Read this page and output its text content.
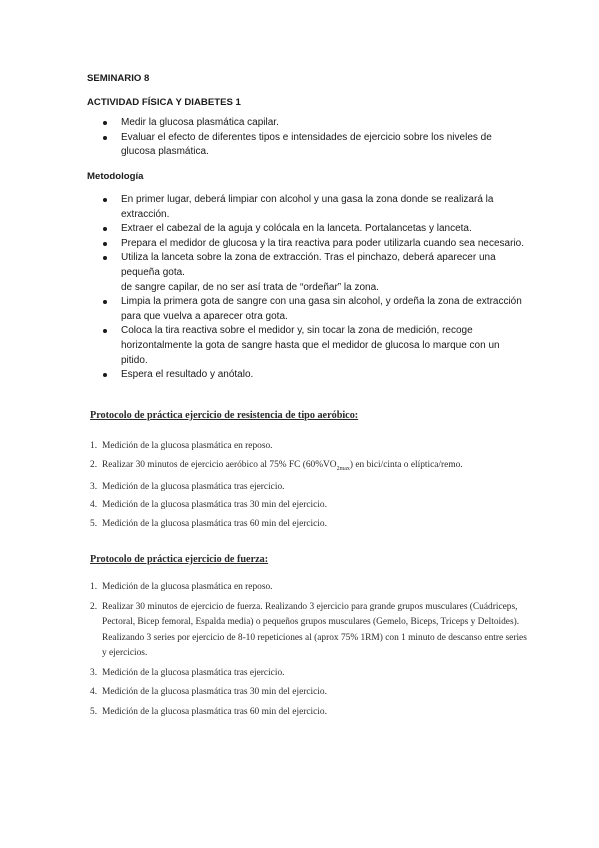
SEMINARIO 8
ACTIVIDAD FÍSICA Y DIABETES 1
Medir la glucosa plasmática capilar.
Evaluar el efecto de diferentes tipos e intensidades de ejercicio sobre los niveles de glucosa plasmática.
Metodología
En primer lugar, deberá limpiar con alcohol y una gasa la zona donde se realizará la extracción.
Extraer el cabezal de la aguja y colócala en la lanceta. Portalancetas y lanceta.
Prepara el medidor de glucosa y la tira reactiva para poder utilizarla cuando sea necesario.
Utiliza la lanceta sobre la zona de extracción. Tras el pinchazo, deberá aparecer una pequeña gota.
de sangre capilar, de no ser así trata de “ordeñar” la zona.
Limpia la primera gota de sangre con una gasa sin alcohol, y ordeña la zona de extracción para que vuelva a aparecer otra gota.
Coloca la tira reactiva sobre el medidor y, sin tocar la zona de medición, recoge horizontalmente la gota de sangre hasta que el medidor de glucosa lo marque con un pitido.
Espera el resultado y anótalo.
Protocolo de práctica ejercicio de resistencia de tipo aeróbico:
1. Medición de la glucosa plasmática en reposo.
2. Realizar 30 minutos de ejercicio aeróbico al 75% FC $(60\%VO_{2max})$ en bici/cinta o elíptica/remo.
3. Medición de la glucosa plasmática tras ejercicio.
4. Medición de la glucosa plasmática tras 30 min del ejercicio.
5. Medición de la glucosa plasmática tras 60 min del ejercicio.
Protocolo de práctica ejercicio de fuerza:
1. Medición de la glucosa plasmática en reposo.
2. Realizar 30 minutos de ejercicio de fuerza. Realizando 3 ejercicio para grande grupos musculares (Cuádriceps, Pectoral, Bicep femoral, Espalda media) o pequeños grupos musculares (Gemelo, Biceps, Triceps y Deltoides). Realizando 3 series por ejercicio de 8-10 repeticiones al (aprox 75% 1RM) con 1 minuto de descanso entre series y ejercicios.
3. Medición de la glucosa plasmática tras ejercicio.
4. Medición de la glucosa plasmática tras 30 min del ejercicio.
5. Medición de la glucosa plasmática tras 60 min del ejercicio.
